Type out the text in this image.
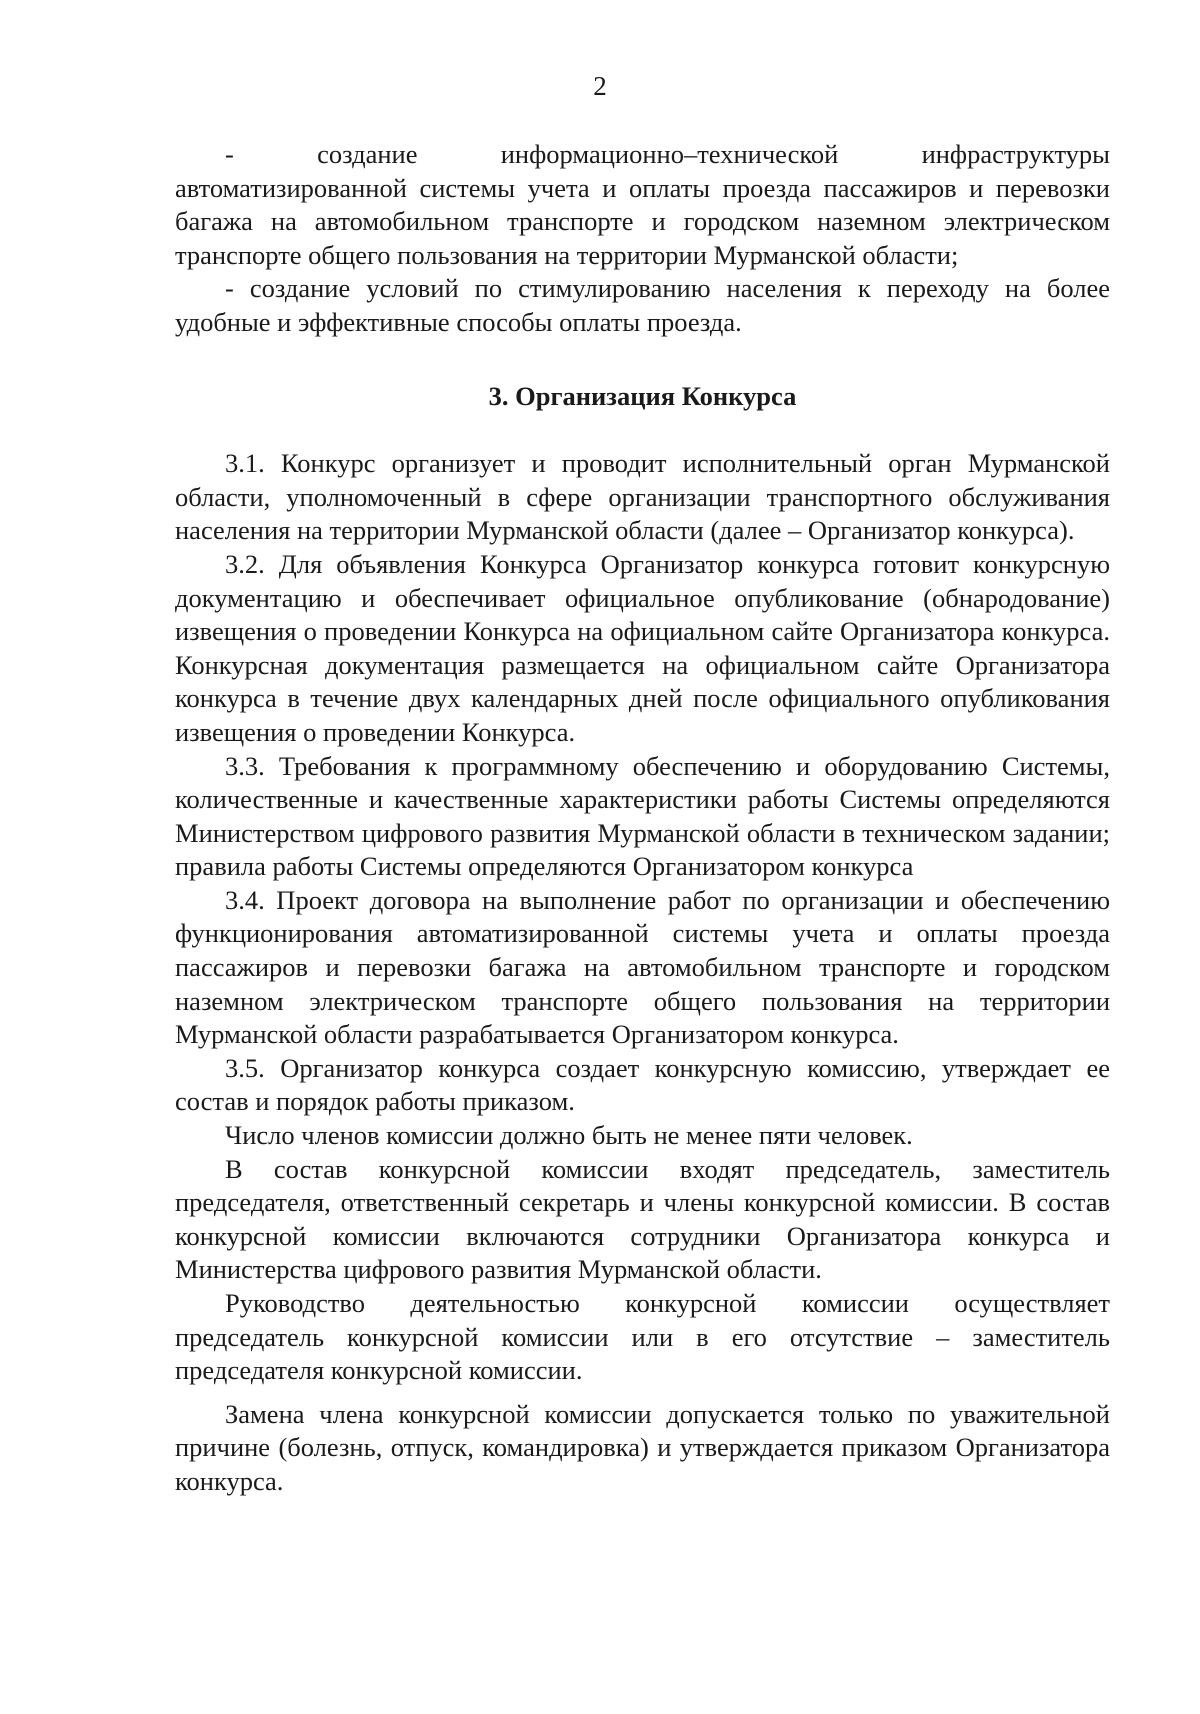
2

- создание информационно–технической инфраструктуры автоматизированной системы учета и оплаты проезда пассажиров и перевозки багажа на автомобильном транспорте и городском наземном электрическом транспорте общего пользования на территории Мурманской области;

- создание условий по стимулированию населения к переходу на более удобные и эффективные способы оплаты проезда.

3. Организация Конкурса

3.1. Конкурс организует и проводит исполнительный орган Мурманской области, уполномоченный в сфере организации транспортного обслуживания населения на территории Мурманской области (далее – Организатор конкурса).

3.2. Для объявления Конкурса Организатор конкурса готовит конкурсную документацию и обеспечивает официальное опубликование (обнародование) извещения о проведении Конкурса на официальном сайте Организатора конкурса. Конкурсная документация размещается на официальном сайте Организатора конкурса в течение двух календарных дней после официального опубликования извещения о проведении Конкурса.

3.3. Требования к программному обеспечению и оборудованию Системы, количественные и качественные характеристики работы Системы определяются Министерством цифрового развития Мурманской области в техническом задании; правила работы Системы определяются Организатором конкурса

3.4. Проект договора на выполнение работ по организации и обеспечению функционирования автоматизированной системы учета и оплаты проезда пассажиров и перевозки багажа на автомобильном транспорте и городском наземном электрическом транспорте общего пользования на территории Мурманской области разрабатывается Организатором конкурса.

3.5. Организатор конкурса создает конкурсную комиссию, утверждает ее состав и порядок работы приказом.

Число членов комиссии должно быть не менее пяти человек.

В состав конкурсной комиссии входят председатель, заместитель председателя, ответственный секретарь и члены конкурсной комиссии. В состав конкурсной комиссии включаются сотрудники Организатора конкурса и Министерства цифрового развития Мурманской области.

Руководство деятельностью конкурсной комиссии осуществляет председатель конкурсной комиссии или в его отсутствие – заместитель председателя конкурсной комиссии.

Замена члена конкурсной комиссии допускается только по уважительной причине (болезнь, отпуск, командировка) и утверждается приказом Организатора конкурса.
